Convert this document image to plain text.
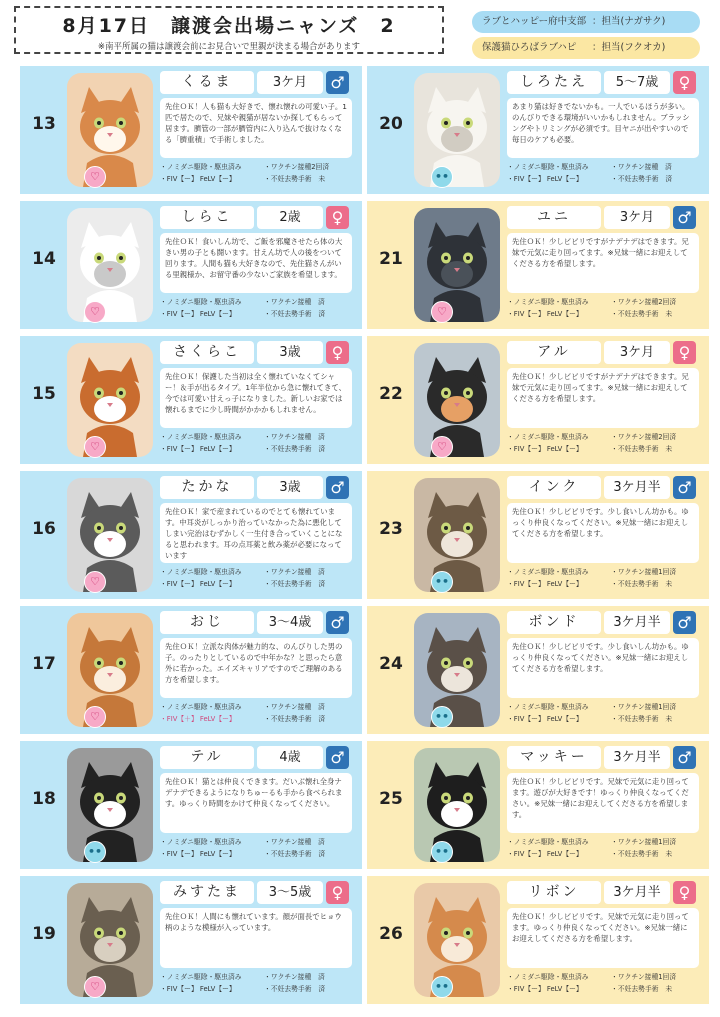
8月17日　譲渡会出場ニャンズ　2
※南平所属の猫は譲渡会前にお見合いで里親が決まる場合があります
ラブとハッピー府中支部 ：担当(ナガサク)
保護猫ひろばラブハピ ：担当(フクオカ)
13
♡
くるま	3ケ月	♂
先住ＯＫ！人も猫も大好きで、懐れ懐れの可愛い子。1匹で居たので、兄妹や親猫が居ないか探してもらって居ます。臍管の一部が臍管内に入り込んで抜けなくなる「臍重積」で手術しました。
・ノミダニ駆除・駆虫済み	・ワクチン接種2回済
・FIV【ー】 FeLV【ー】	・不妊去勢手術　未
14
♡
しらこ	2歳	♀
先住ＯＫ！食いしん坊で、ご飯を邪魔させたら体の大きい男の子とも闘います。甘えん坊で人の後をついて回ります。人間も猫も大好きなので、先住猫さんがいる里親様か、お留守番の少ないご家族を希望します。
・ノミダニ駆除・駆虫済み	・ワクチン接種　済
・FIV【ー】 FeLV【ー】	・不妊去勢手術　済
15
♡
さくらこ	3歳	♀
先住ＯＫ！保護した当初は全く懐れていなくてシャー！＆手が出るタイプ。1年半位から急に懐れてきて、今では可愛い甘えっ子になりました。新しいお家では懐れるまでに少し時間がかかかもしれません。
・ノミダニ駆除・駆虫済み	・ワクチン接種　済
・FIV【ー】 FeLV【ー】	・不妊去勢手術　済
16
♡
たかな	3歳	♂
先住ＯＫ！家で産まれているのでとても懐れています。中耳炎がしっかり治っていなかった為に悪化してしまい完治はむずかしく一生付き合っていくことになると思われます。耳の点耳薬と飲み薬が必要になっています
・ノミダニ駆除・駆虫済み	・ワクチン接種　済
・FIV【ー】 FeLV【ー】	・不妊去勢手術　済
17
♡
おじ	3～4歳	♂
先住ＯＫ！立派な肉体が魅力的な、のんびりした男の子。のったりとしているので中年かな？と思ったら意外に若かった。エイズキャリアですのでご理解のある方を希望します。
・ノミダニ駆除・駆虫済み	・ワクチン接種　済
・FIV【＋】 FeLV【ー】	・不妊去勢手術　済
18
••
テル	4歳	♂
先住ＯＫ！猫とは仲良くできます。だいぶ懐れ全身ナデナデできるようになりちゅーるも手から食べられます。ゆっくり時間をかけて仲良くなってください。
・ノミダニ駆除・駆虫済み	・ワクチン接種　済
・FIV【ー】 FeLV【ー】	・不妊去勢手術　済
19
♡
みすたま	3～5歳	♀
先住ＯＫ！人間にも懐れています。顔が面長でヒョウ柄のような模様が入っています。
・ノミダニ駆除・駆虫済み	・ワクチン接種　済
・FIV【ー】 FeLV【ー】	・不妊去勢手術　済
20
••
しろたえ	5～7歳	♀
あまり猫は好きでないかも。一人でいるほうが多い。のんびりできる環境がいいかもしれません。ブラッシングやトリミングが必須です。目ヤニが出やすいので毎日のケアも必要。
・ノミダニ駆除・駆虫済み	・ワクチン接種　済
・FIV【ー】 FeLV【ー】	・不妊去勢手術　済
21
♡
ユニ	3ケ月	♂
先住ＯＫ！少しビビリですがナデナデはできます。兄妹で元気に走り回ってます。※兄妹一緒にお迎えしてくださる方を希望します。
・ノミダニ駆除・駆虫済み	・ワクチン接種2回済
・FIV【ー】 FeLV【ー】	・不妊去勢手術　未
22
♡
アル	3ケ月	♀
先住ＯＫ！少しビビリですがナデナデはできます。兄妹で元気に走り回ってます。※兄妹一緒にお迎えしてくださる方を希望します。
・ノミダニ駆除・駆虫済み	・ワクチン接種2回済
・FIV【ー】 FeLV【ー】	・不妊去勢手術　未
23
••
インク	3ケ月半	♂
先住ＯＫ！少しビビリです。少し食いしん坊かも。ゆっくり仲良くなってください。※兄妹一緒にお迎えしてくださる方を希望します。
・ノミダニ駆除・駆虫済み	・ワクチン接種1回済
・FIV【ー】 FeLV【ー】	・不妊去勢手術　未
24
••
ボンド	3ケ月半	♂
先住ＯＫ！少しビビリです。少し食いしん坊かも。ゆっくり仲良くなってください。※兄妹一緒にお迎えしてくださる方を希望します。
・ノミダニ駆除・駆虫済み	・ワクチン接種1回済
・FIV【ー】 FeLV【ー】	・不妊去勢手術　未
25
••
マッキー	3ケ月半	♂
先住ＯＫ！少しビビリです。兄妹で元気に走り回ってます。遊びが大好きです！ゆっくり仲良くなってください。※兄妹一緒にお迎えしてくださる方を希望します。
・ノミダニ駆除・駆虫済み	・ワクチン接種1回済
・FIV【ー】 FeLV【ー】	・不妊去勢手術　未
26
••
リボン	3ケ月半	♀
先住ＯＫ！少しビビリです。兄妹で元気に走り回ってます。ゆっくり仲良くなってください。※兄妹一緒にお迎えしてくださる方を希望します。
・ノミダニ駆除・駆虫済み	・ワクチン接種1回済
・FIV【ー】 FeLV【ー】	・不妊去勢手術　未
